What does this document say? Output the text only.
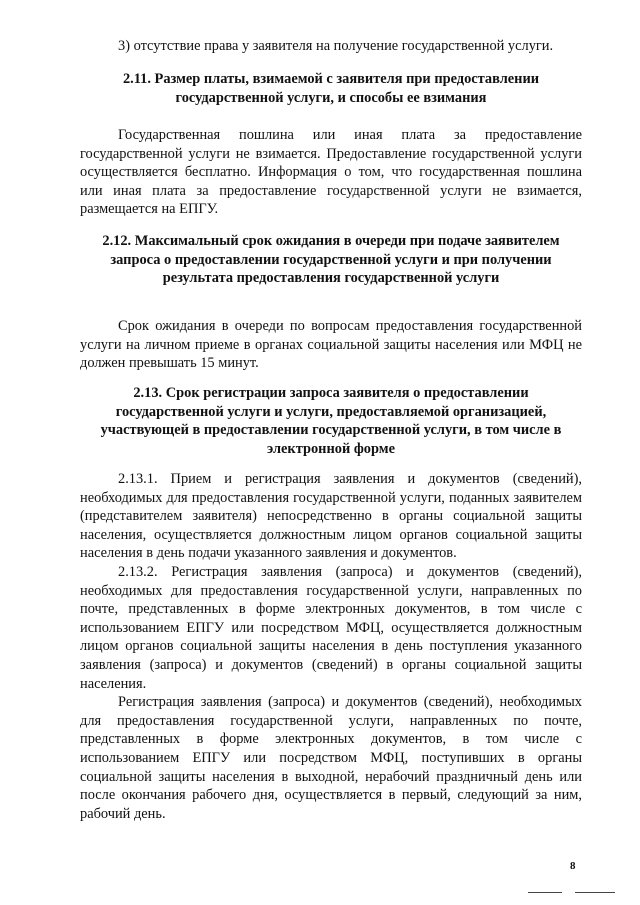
3) отсутствие права у заявителя на получение государственной услуги.

2.11. Размер платы, взимаемой с заявителя при предоставлении государственной услуги, и способы ее взимания

Государственная пошлина или иная плата за предоставление государственной услуги не взимается. Предоставление государственной услуги осуществляется бесплатно. Информация о том, что государственная пошлина или иная плата за предоставление государственной услуги не взимается, размещается на ЕПГУ.

2.12. Максимальный срок ожидания в очереди при подаче заявителем запроса о предоставлении государственной услуги и при получении результата предоставления государственной услуги

Срок ожидания в очереди по вопросам предоставления государственной услуги на личном приеме в органах социальной защиты населения или МФЦ не должен превышать 15 минут.

2.13. Срок регистрации запроса заявителя о предоставлении государственной услуги и услуги, предоставляемой организацией, участвующей в предоставлении государственной услуги, в том числе в электронной форме

2.13.1. Прием и регистрация заявления и документов (сведений), необходимых для предоставления государственной услуги, поданных заявителем (представителем заявителя) непосредственно в органы социальной защиты населения, осуществляется должностным лицом органов социальной защиты населения в день подачи указанного заявления и документов.

2.13.2. Регистрация заявления (запроса) и документов (сведений), необходимых для предоставления государственной услуги, направленных по почте, представленных в форме электронных документов, в том числе с использованием ЕПГУ или посредством МФЦ, осуществляется должностным лицом органов социальной защиты населения в день поступления указанного заявления (запроса) и документов (сведений) в органы социальной защиты населения.

Регистрация заявления (запроса) и документов (сведений), необходимых для предоставления государственной услуги, направленных по почте, представленных в форме электронных документов, в том числе с использованием ЕПГУ или посредством МФЦ, поступивших в органы социальной защиты населения в выходной, нерабочий праздничный день или после окончания рабочего дня, осуществляется в первый, следующий за ним, рабочий день.

8
